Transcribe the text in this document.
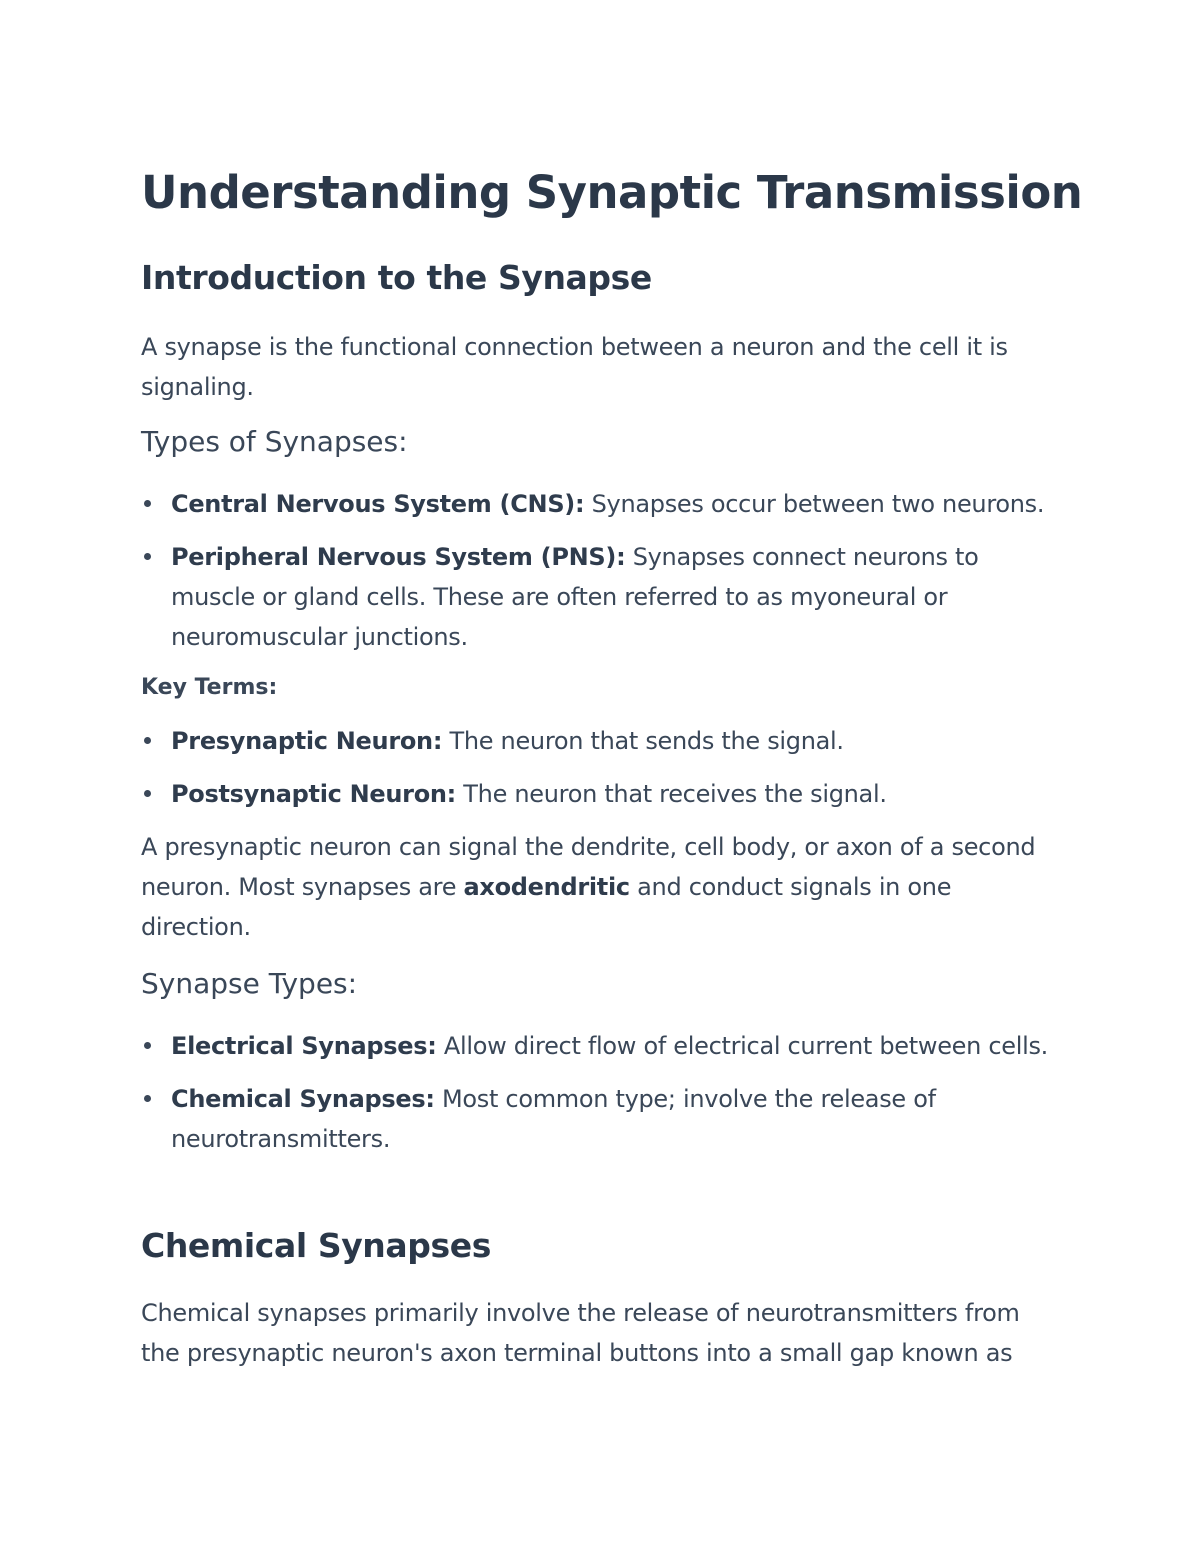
Understanding Synaptic Transmission
Introduction to the Synapse

A synapse is the functional connection between a neuron and the cell it is signaling.

Types of Synapses:
Central Nervous System (CNS): Synapses occur between two neurons.
Peripheral Nervous System (PNS): Synapses connect neurons to muscle or gland cells. These are often referred to as myoneural or neuromuscular junctions.
Key Terms:
Presynaptic Neuron: The neuron that sends the signal.
Postsynaptic Neuron: The neuron that receives the signal.

A presynaptic neuron can signal the dendrite, cell body, or axon of a second neuron. Most synapses are axodendritic and conduct signals in one direction.

Synapse Types:
Electrical Synapses: Allow direct flow of electrical current between cells.
Chemical Synapses: Most common type; involve the release of neurotransmitters.
Chemical Synapses

Chemical synapses primarily involve the release of neurotransmitters from the presynaptic neuron's axon terminal buttons into a small gap known as
